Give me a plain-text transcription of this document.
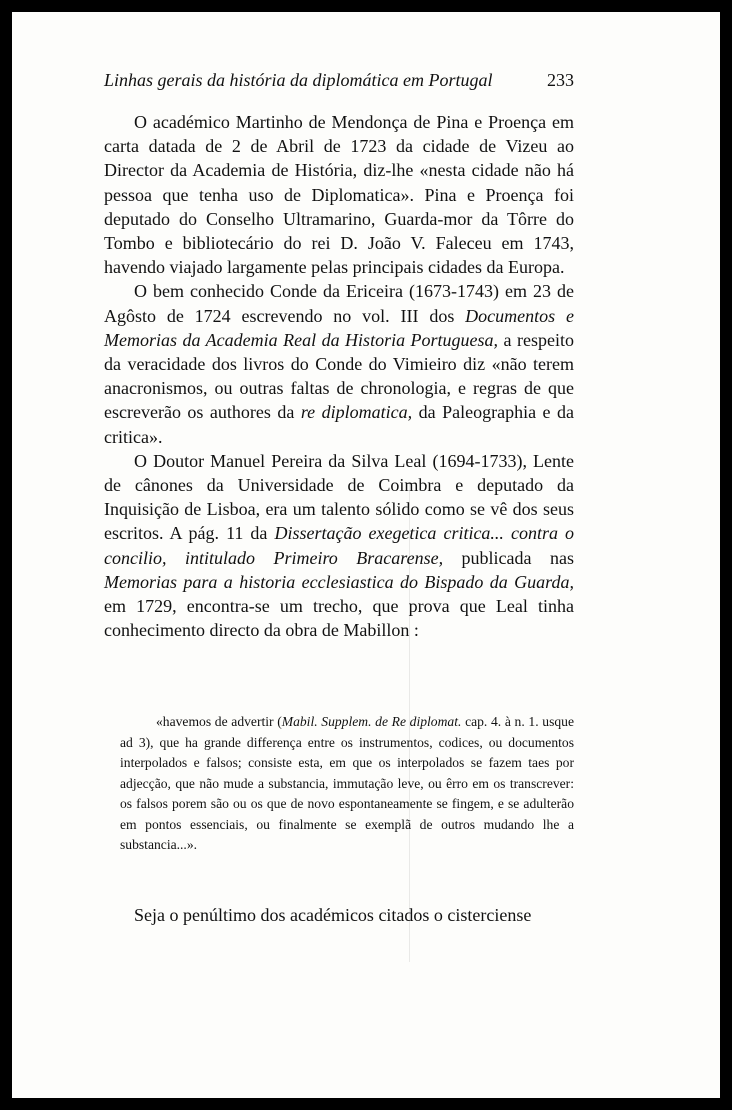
Linhas gerais da história da diplomática em Portugal	233

O académico Martinho de Mendonça de Pina e Proença em carta datada de 2 de Abril de 1723 da cidade de Vizeu ao Director da Academia de História, diz-lhe «nesta cidade não há pessoa que tenha uso de Diplomatica». Pina e Proença foi deputado do Conselho Ultramarino, Guarda-mor da Tôrre do Tombo e bibliotecário do rei D. João V. Faleceu em 1743, havendo viajado largamente pelas principais cidades da Europa.

O bem conhecido Conde da Ericeira (1673-1743) em 23 de Agôsto de 1724 escrevendo no vol. III dos Documentos e Memorias da Academia Real da Historia Portuguesa, a respeito da veracidade dos livros do Conde do Vimieiro diz «não terem anacronismos, ou outras faltas de chronologia, e regras de que escreverão os authores da re diplomatica, da Paleographia e da critica».

O Doutor Manuel Pereira da Silva Leal (1694-1733), Lente de cânones da Universidade de Coimbra e deputado da Inquisição de Lisboa, era um talento sólido como se vê dos seus escritos. A pág. 11 da Dissertação exegetica critica... contra o concilio, intitulado Primeiro Bracarense, publicada nas Memorias para a historia ecclesiastica do Bispado da Guarda, em 1729, encontra-se um trecho, que prova que Leal tinha conhecimento directo da obra de Mabillon :

«havemos de advertir (Mabil. Supplem. de Re diplomat. cap. 4. à n. 1. usque ad 3), que ha grande differença entre os instrumentos, codices, ou documentos interpolados e falsos; consiste esta, em que os interpolados se fazem taes por adjecção, que não mude a substancia, immutação leve, ou êrro em os transcrever: os falsos porem são ou os que de novo espontaneamente se fingem, e se adulterão em pontos essenciais, ou finalmente se exemplã de outros mudando lhe a substancia...».
Seja o penúltimo dos académicos citados o cisterciense
